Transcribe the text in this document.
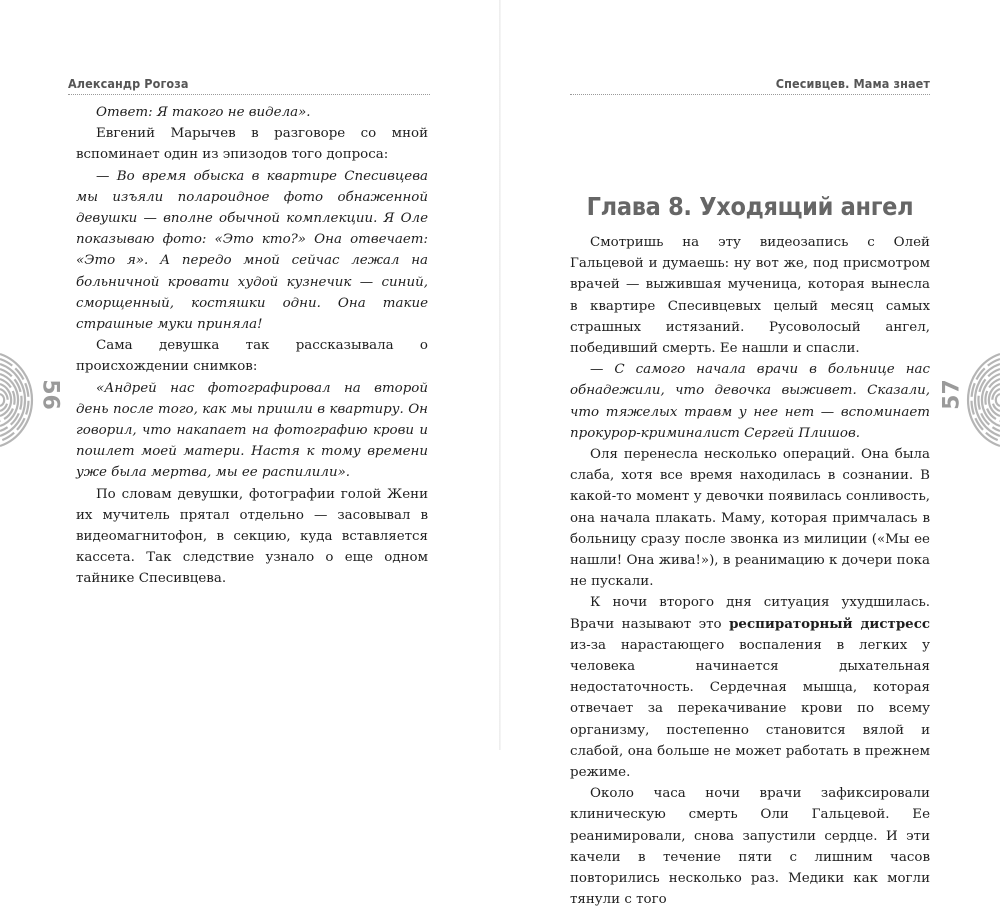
Александр Рогоза

Ответ: Я такого не видела».

Евгений Марычев в разговоре со мной вспоминает один из эпизодов того допроса:

— Во время обыска в квартире Спесивцева мы изъяли полароидное фото обнаженной девушки — вполне обычной комплекции. Я Оле показываю фото: «Это кто?» Она отвечает: «Это я». А передо мной сейчас лежал на больничной кровати худой кузнечик — синий, сморщенный, костяшки одни. Она такие страшные муки приняла!

Сама девушка так рассказывала о происхождении снимков:

«Андрей нас фотографировал на второй день после того, как мы пришли в квартиру. Он говорил, что накапает на фотографию крови и пошлет моей матери. Настя к тому времени уже была мертва, мы ее распилили».

По словам девушки, фотографии голой Жени их мучитель прятал отдельно — засовывал в видеомагнитофон, в секцию, куда вставляется кассета. Так следствие узнало о еще одном тайнике Спесивцева.

56
Спесивцев. Мама знает
Глава 8. Уходящий ангел

Смотришь на эту видеозапись с Олей Гальцевой и думаешь: ну вот же, под присмотром врачей — выжившая мученица, которая вынесла в квартире Спесивцевых целый месяц самых страшных истязаний. Русоволосый ангел, победивший смерть. Ее нашли и спасли.

— С самого начала врачи в больнице нас обнадежили, что девочка выживет. Сказали, что тяжелых травм у нее нет — вспоминает прокурор-криминалист Сергей Плишов.

Оля перенесла несколько операций. Она была слаба, хотя все время находилась в сознании. В какой-то момент у девочки появилась сонливость, она начала плакать. Маму, которая примчалась в больницу сразу после звонка из милиции («Мы ее нашли! Она жива!»), в реанимацию к дочери пока не пускали.

К ночи второго дня ситуация ухудшилась. Врачи называют это респираторный дистресс из-за нарастающего воспаления в легких у человека начинается дыхательная недостаточность. Сердечная мышца, которая отвечает за перекачивание крови по всему организму, постепенно становится вялой и слабой, она больше не может работать в прежнем режиме.

Около часа ночи врачи зафиксировали клиническую смерть Оли Гальцевой. Ее реанимировали, снова запустили сердце. И эти качели в течение пяти с лишним часов повторились несколько раз. Медики как могли тянули с того

57
